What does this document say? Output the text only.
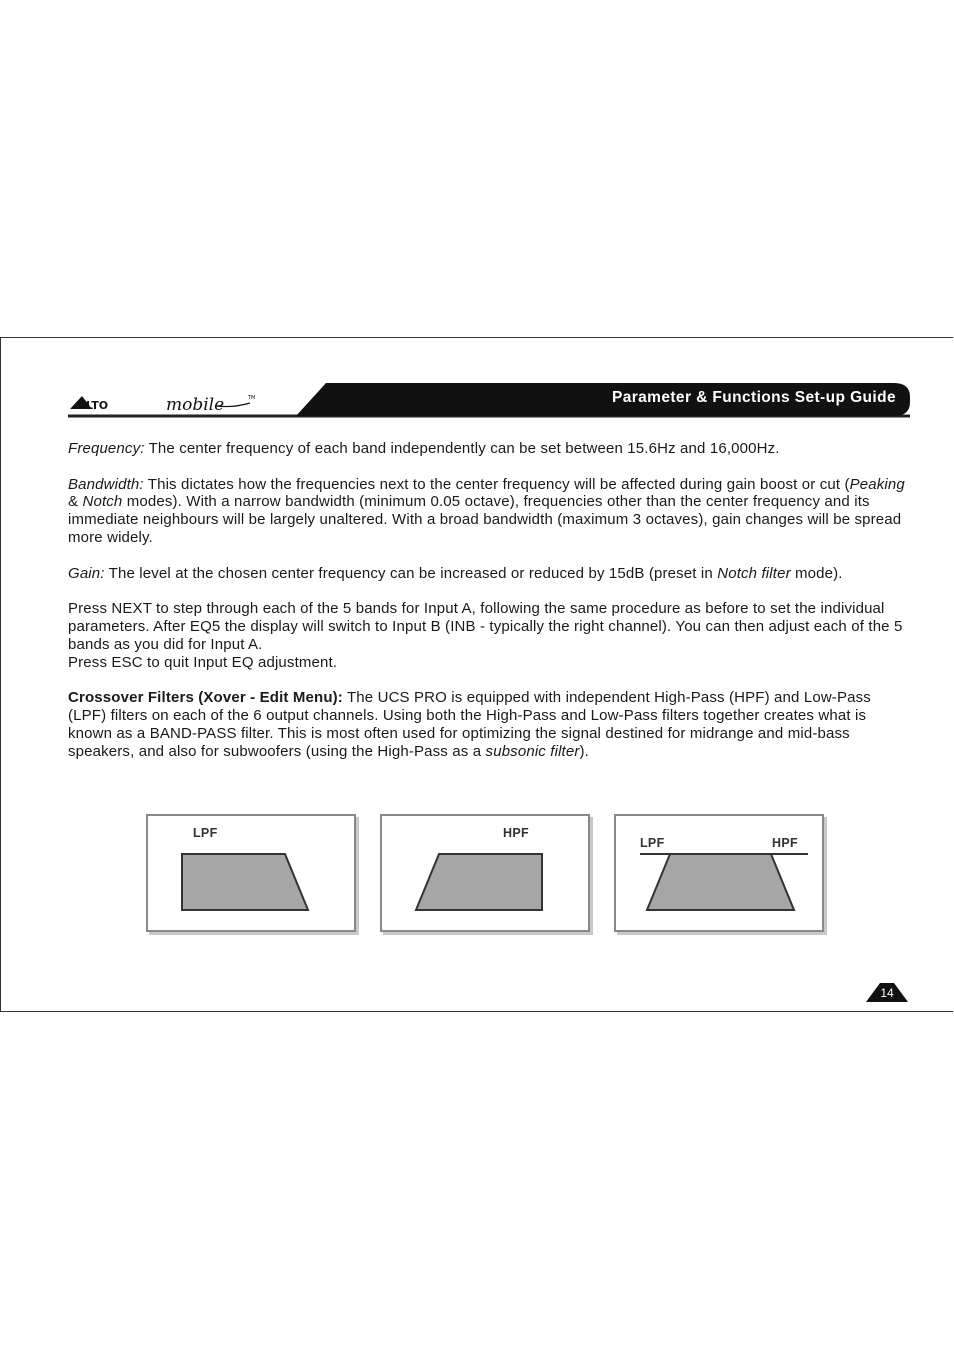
LTO	mobile	TM	Parameter & Functions Set-up Guide

Frequency: The center frequency of each band independently can be set between 15.6Hz and 16,000Hz.

Bandwidth: This dictates how the frequencies next to the center frequency will be affected during gain boost or cut (Peaking & Notch modes). With a narrow bandwidth (minimum 0.05 octave), frequencies other than the center frequency and its immediate neighbours will be largely unaltered. With a broad bandwidth (maximum 3 octaves), gain changes will be spread more widely.

Gain: The level at the chosen center frequency can be increased or reduced by 15dB (preset in Notch filter mode).

Press NEXT to step through each of the 5 bands for Input A, following the same procedure as before to set the individual parameters. After EQ5 the display will switch to Input B (INB - typically the right channel). You can then adjust each of the 5 bands as you did for Input A.
Press ESC to quit Input EQ adjustment.

Crossover Filters (Xover - Edit Menu): The UCS PRO is equipped with independent High-Pass (HPF) and Low-Pass (LPF) filters on each of the 6 output channels. Using both the High-Pass and Low-Pass filters together creates what is known as a BAND-PASS filter. This is most often used for optimizing the signal destined for midrange and mid-bass speakers, and also for subwoofers (using the High-Pass as a subsonic filter).

LPF	HPF
LPF	HPF
14
